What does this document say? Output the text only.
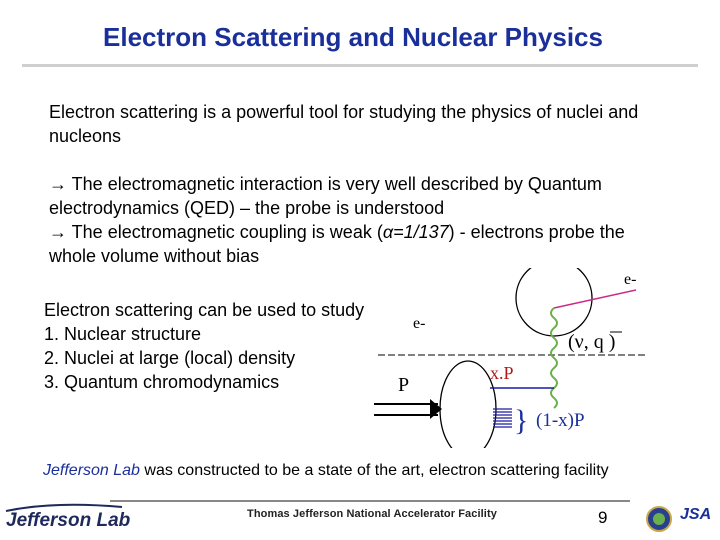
Electron Scattering and Nuclear Physics

Electron scattering is a powerful tool for studying the physics of nuclei and nucleons

→ The electromagnetic interaction is very well described by Quantum electrodynamics (QED) – the probe is understood
→ The electromagnetic coupling is weak (α=1/137) - electrons probe the whole volume without bias
Electron scattering can be used to study
1. Nuclear structure
2. Nuclei at large (local) density
3. Quantum chromodynamics
e-
e-
(ν, q )
P
x.P
} (1-x)P
Jefferson Lab was constructed to be a state of the art, electron scattering facility
Jefferson Lab	Thomas Jefferson National Accelerator Facility	9	JSA
